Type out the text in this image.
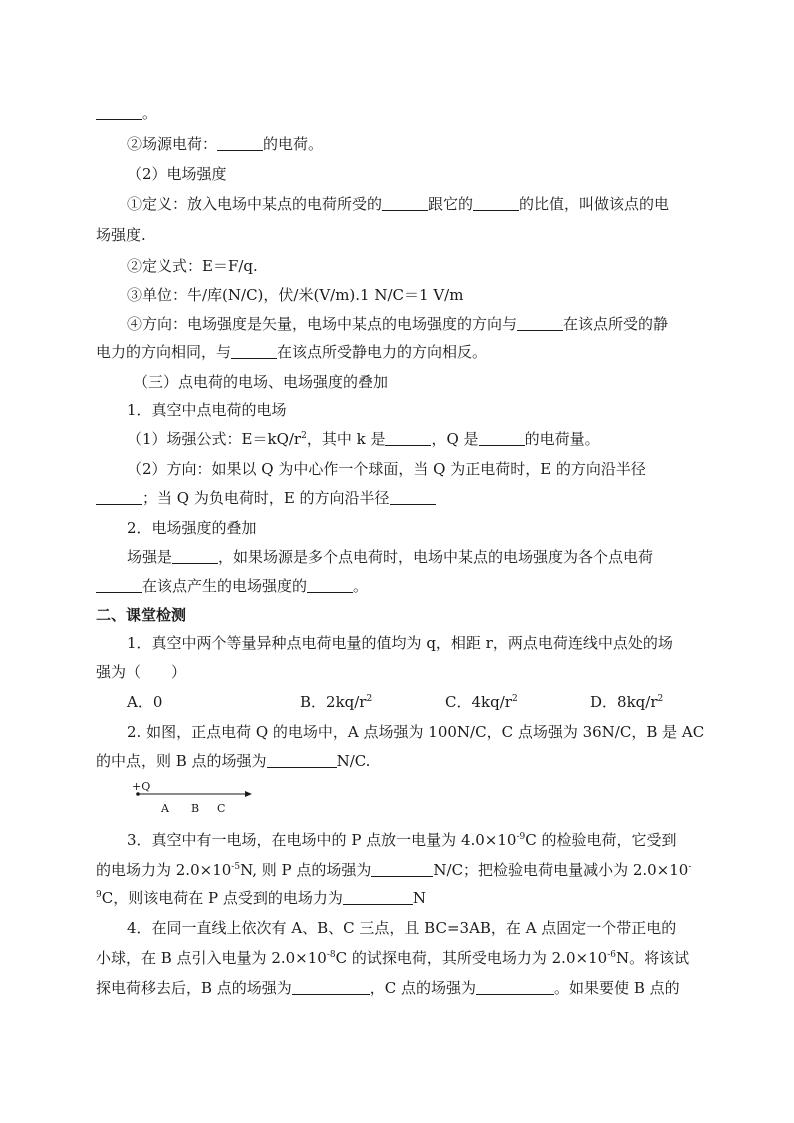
。
②场源电荷：	的电荷。
（2）电场强度
①定义：放入电场中某点的电荷所受的	跟它的	的比值，叫做该点的电
场强度.
②定义式：E＝F/q.
③单位：牛/库(N/C)，伏/米(V/m).1 N/C＝1 V/m
④方向：电场强度是矢量，电场中某点的电场强度的方向与	在该点所受的静
电力的方向相同，与	在该点所受静电力的方向相反。
（三）点电荷的电场、电场强度的叠加
1．真空中点电荷的电场
（1）场强公式：$E=kQ/r^2$，其中 k 是	，Q 是	的电荷量。
（2）方向：如果以 Q 为中心作一个球面，当 Q 为正电荷时，E 的方向沿半径
；当 Q 为负电荷时，E 的方向沿半径
2．电场强度的叠加
场强是	，如果场源是多个点电荷时，电场中某点的电场强度为各个点电荷
在该点产生的电场强度的	。
二、课堂检测
1．真空中两个等量异种点电荷电量的值均为 q，相距 r，两点电荷连线中点处的场
强为（　　）
A．0	B．$2kq/r^2$	C．$4kq/r^2$	D．$8kq/r^2$
2. 如图，正点电荷 Q 的电场中，A 点场强为 100N/C，C 点场强为 36N/C，B 是 AC
的中点，则 B 点的场强为	N/C.
+Q
A B C
3．真空中有一电场，在电场中的 P 点放一电量为 $4.0\times 10^{-9}C$ 的检验电荷，它受到
的电场力为 $2.0\times 10^{-5}N$, 则 P 点的场强为	N/C；把检验电荷电量减小为 2.0×10-
$^9$C，则该电荷在 P 点受到的电场力为	N
4．在同一直线上依次有 A、B、C 三点，且 BC=3AB，在 A 点固定一个带正电的
小球，在 B 点引入电量为 $2.0\times 10^{-8}C$ 的试探电荷，其所受电场力为 $2.0\times 10^{-6}N$。将该试
探电荷移去后，B 点的场强为	，C 点的场强为	。如果要使 B 点的
